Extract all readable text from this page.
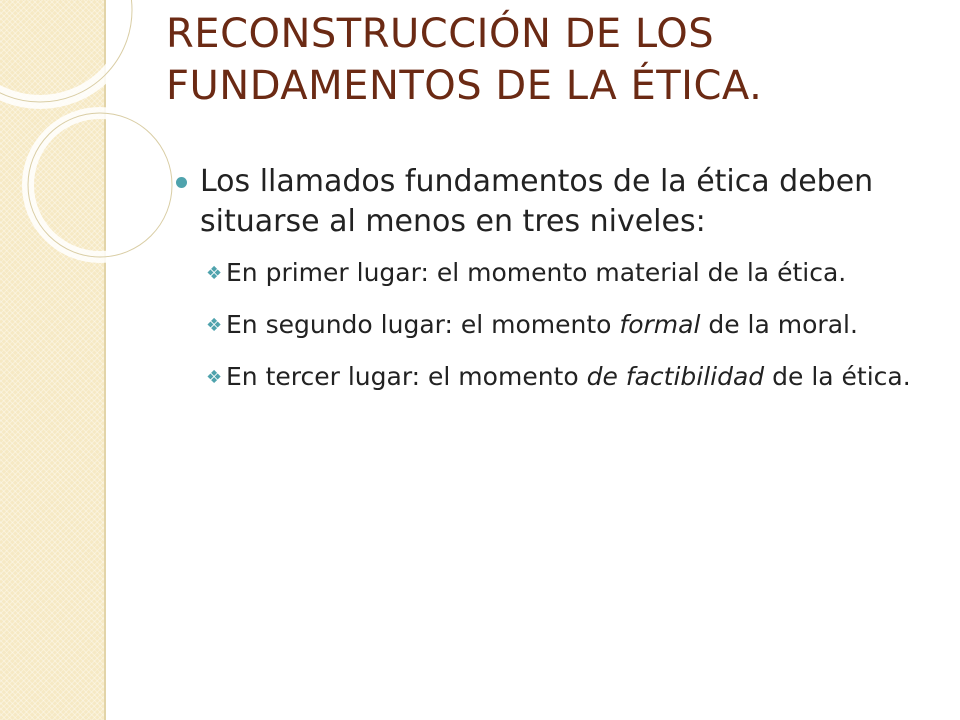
RECONSTRUCCIÓN DE LOS FUNDAMENTOS DE LA ÉTICA.
Los llamados fundamentos de la ética deben situarse al menos en tres niveles:
❖ En primer lugar: el momento material de la ética.
❖ En segundo lugar: el momento formal de la moral.
❖ En tercer lugar: el momento de factibilidad de la ética.
